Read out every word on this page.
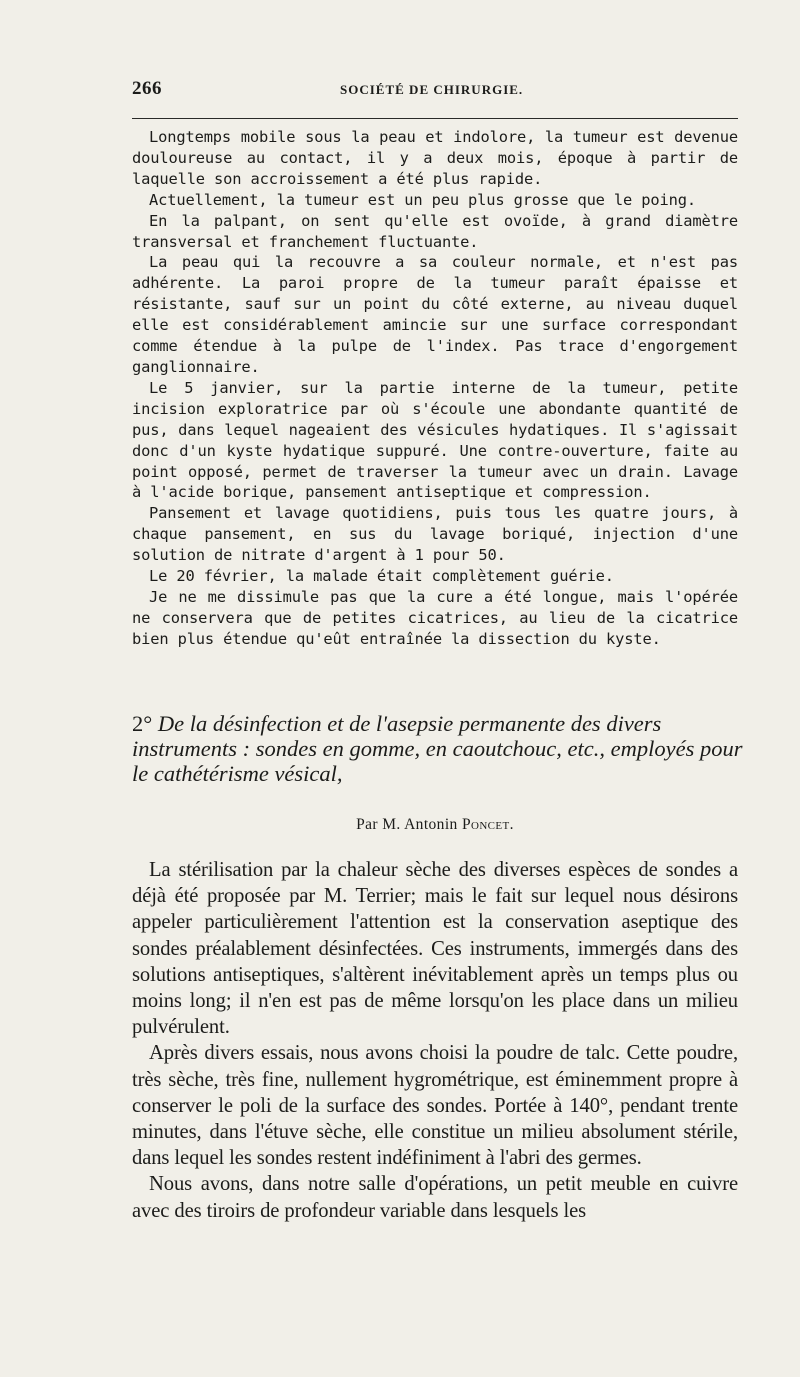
266	SOCIÉTÉ DE CHIRURGIE.

Longtemps mobile sous la peau et indolore, la tumeur est devenue douloureuse au contact, il y a deux mois, époque à partir de laquelle son accroissement a été plus rapide.

Actuellement, la tumeur est un peu plus grosse que le poing.

En la palpant, on sent qu'elle est ovoïde, à grand diamètre transversal et franchement fluctuante.

La peau qui la recouvre a sa couleur normale, et n'est pas adhérente. La paroi propre de la tumeur paraît épaisse et résistante, sauf sur un point du côté externe, au niveau duquel elle est considérablement amincie sur une surface correspondant comme étendue à la pulpe de l'index. Pas trace d'engorgement ganglionnaire.

Le 5 janvier, sur la partie interne de la tumeur, petite incision exploratrice par où s'écoule une abondante quantité de pus, dans lequel nageaient des vésicules hydatiques. Il s'agissait donc d'un kyste hydatique suppuré. Une contre-ouverture, faite au point opposé, permet de traverser la tumeur avec un drain. Lavage à l'acide borique, pansement antiseptique et compression.

Pansement et lavage quotidiens, puis tous les quatre jours, à chaque pansement, en sus du lavage boriqué, injection d'une solution de nitrate d'argent à 1 pour 50.

Le 20 février, la malade était complètement guérie.

Je ne me dissimule pas que la cure a été longue, mais l'opérée ne conservera que de petites cicatrices, au lieu de la cicatrice bien plus étendue qu'eût entraînée la dissection du kyste.

2° De la désinfection et de l'asepsie permanente des divers instruments : sondes en gomme, en caoutchouc, etc., employés pour le cathétérisme vésical,
Par M. Antonin Poncet.

La stérilisation par la chaleur sèche des diverses espèces de sondes a déjà été proposée par M. Terrier; mais le fait sur lequel nous désirons appeler particulièrement l'attention est la conservation aseptique des sondes préalablement désinfectées. Ces instruments, immergés dans des solutions antiseptiques, s'altèrent inévitablement après un temps plus ou moins long; il n'en est pas de même lorsqu'on les place dans un milieu pulvérulent.

Après divers essais, nous avons choisi la poudre de talc. Cette poudre, très sèche, très fine, nullement hygrométrique, est éminemment propre à conserver le poli de la surface des sondes. Portée à 140°, pendant trente minutes, dans l'étuve sèche, elle constitue un milieu absolument stérile, dans lequel les sondes restent indéfiniment à l'abri des germes.

Nous avons, dans notre salle d'opérations, un petit meuble en cuivre avec des tiroirs de profondeur variable dans lesquels les
